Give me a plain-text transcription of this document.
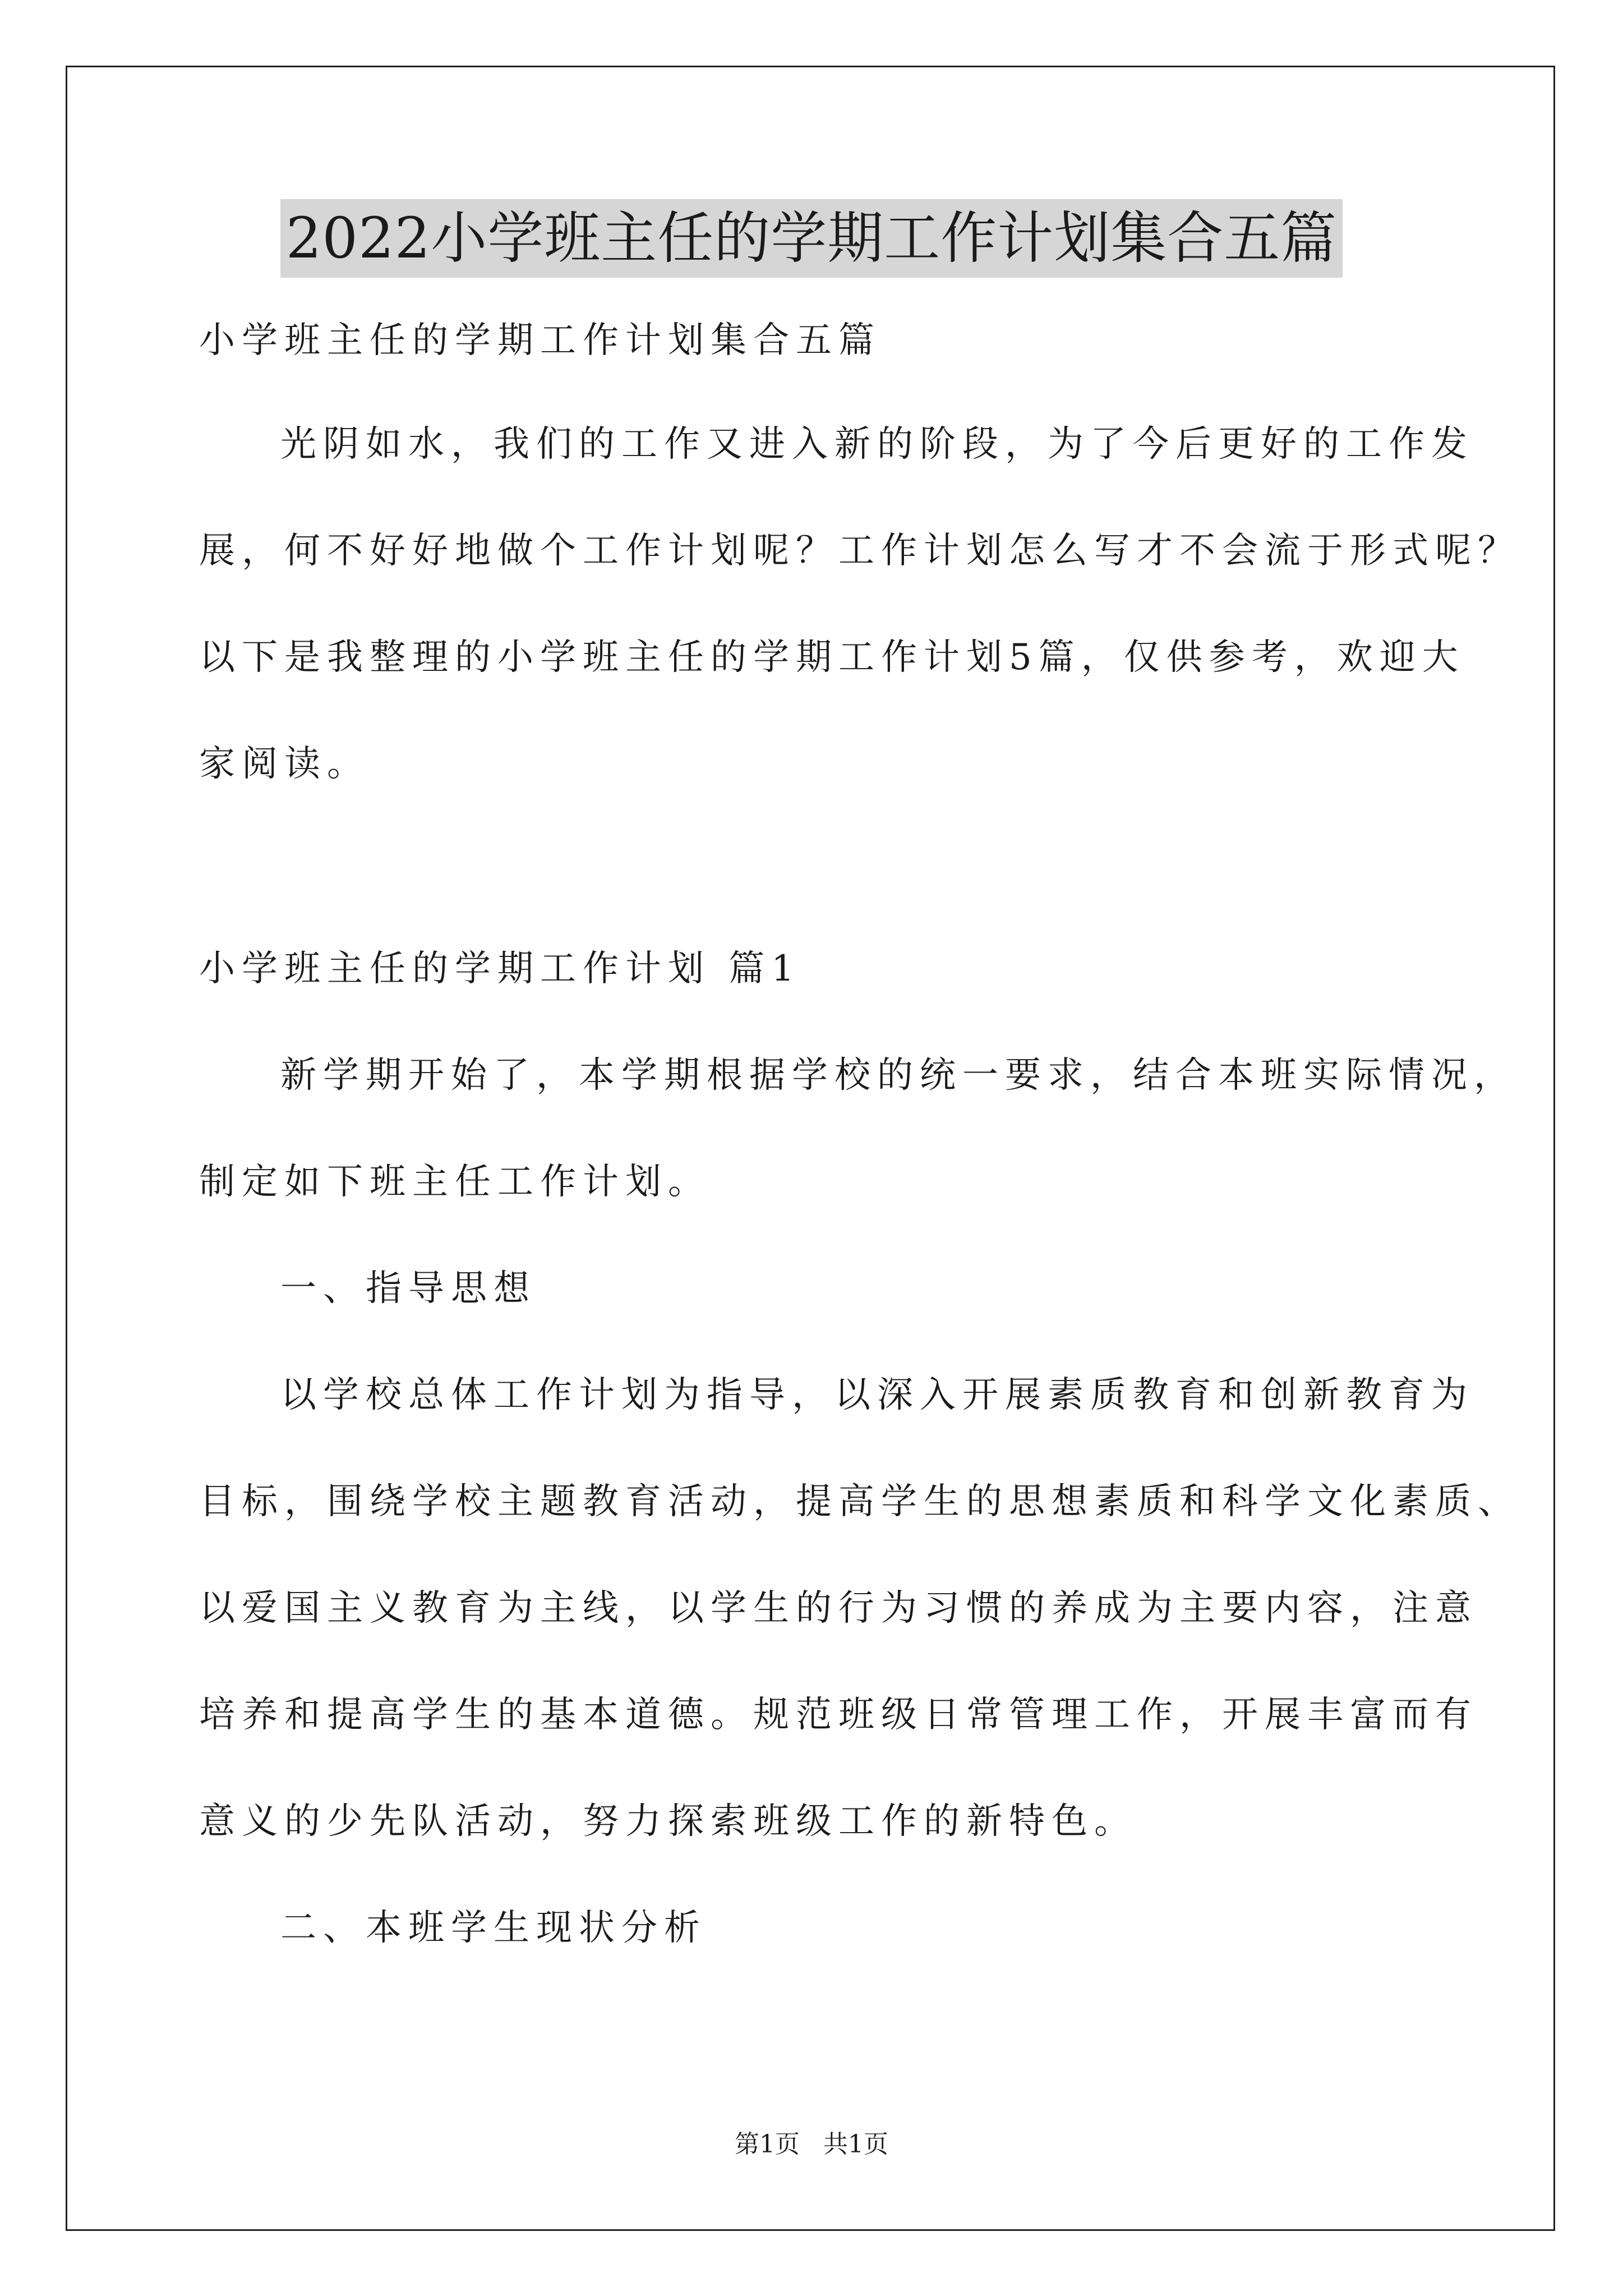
2022小学班主任的学期工作计划集合五篇

小学班主任的学期工作计划集合五篇

光阴如水，我们的工作又进入新的阶段，为了今后更好的工作发

展，何不好好地做个工作计划呢？工作计划怎么写才不会流于形式呢？

以下是我整理的小学班主任的学期工作计划5篇，仅供参考，欢迎大

家阅读。

小学班主任的学期工作计划 篇1

新学期开始了，本学期根据学校的统一要求，结合本班实际情况，

制定如下班主任工作计划。

一、指导思想

以学校总体工作计划为指导，以深入开展素质教育和创新教育为

目标，围绕学校主题教育活动，提高学生的思想素质和科学文化素质、

以爱国主义教育为主线，以学生的行为习惯的养成为主要内容，注意

培养和提高学生的基本道德。规范班级日常管理工作，开展丰富而有

意义的少先队活动，努力探索班级工作的新特色。

二、本班学生现状分析

第1页   共1页
